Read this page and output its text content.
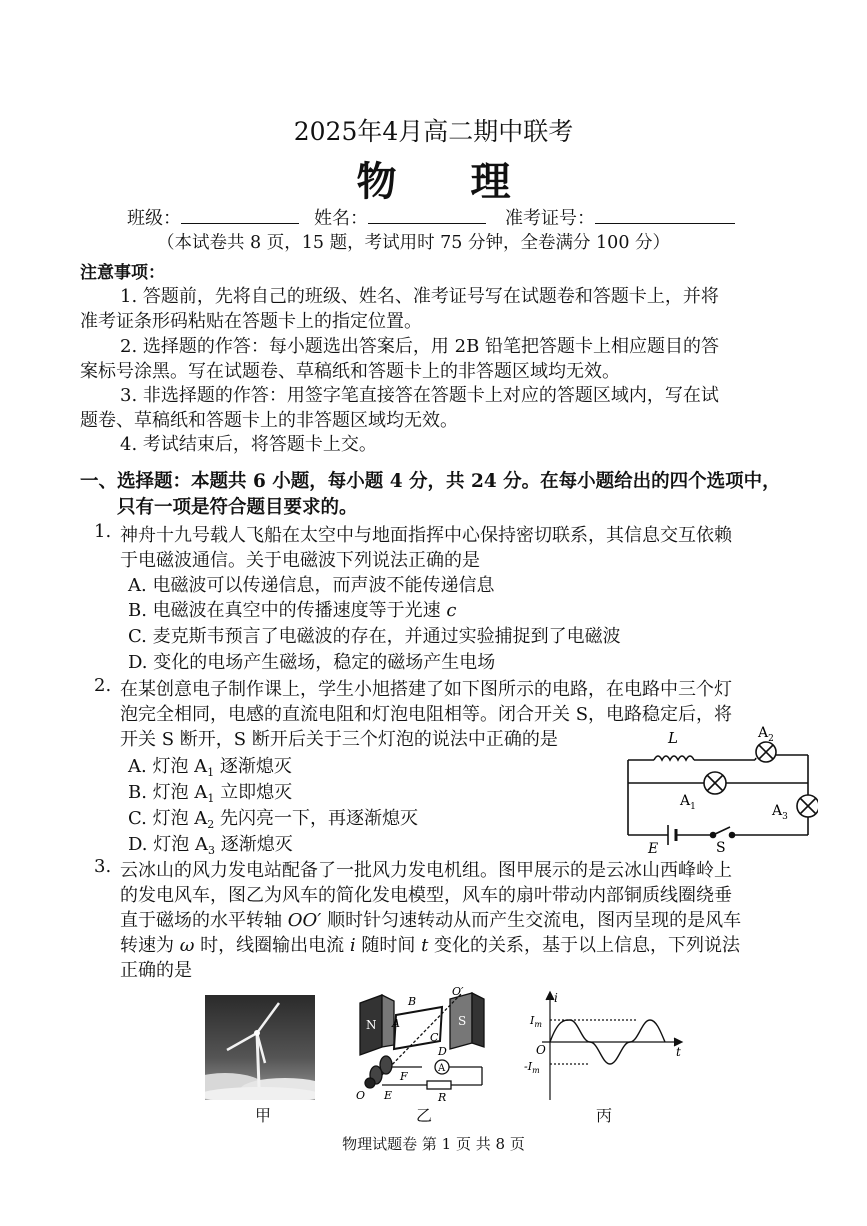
2025年4月高二期中联考
物 理
班级：	姓名：	准考证号：
（本试卷共 8 页，15 题，考试用时 75 分钟，全卷满分 100 分）
注意事项：
1. 答题前，先将自己的班级、姓名、准考证号写在试题卷和答题卡上，并将
准考证条形码粘贴在答题卡上的指定位置。
2. 选择题的作答：每小题选出答案后，用 2B 铅笔把答题卡上相应题目的答
案标号涂黑。写在试题卷、草稿纸和答题卡上的非答题区域均无效。
3. 非选择题的作答：用签字笔直接答在答题卡上对应的答题区域内，写在试
题卷、草稿纸和答题卡上的非答题区域均无效。
4. 考试结束后，将答题卡上交。
一、选择题：本题共 6 小题，每小题 4 分，共 24 分。在每小题给出的四个选项中，
只有一项是符合题目要求的。
1. 神舟十九号载人飞船在太空中与地面指挥中心保持密切联系，其信息交互依赖
于电磁波通信。关于电磁波下列说法正确的是
A. 电磁波可以传递信息，而声波不能传递信息
B. 电磁波在真空中的传播速度等于光速 c
C. 麦克斯韦预言了电磁波的存在，并通过实验捕捉到了电磁波
D. 变化的电场产生磁场，稳定的磁场产生电场
2. 在某创意电子制作课上，学生小旭搭建了如下图所示的电路，在电路中三个灯
泡完全相同，电感的直流电阻和灯泡电阻相等。闭合开关 S，电路稳定后，将
开关 S 断开，S 断开后关于三个灯泡的说法中正确的是
A. 灯泡 $A_1$ 逐渐熄灭
B. 灯泡 $A_1$ 立即熄灭
C. 灯泡 $A_2$ 先闪亮一下，再逐渐熄灭
D. 灯泡 $A_3$ 逐渐熄灭
L	$A_2$
$A_1$	$A_3$
E	S
3. 云冰山的风力发电站配备了一批风力发电机组。图甲展示的是云冰山西峰岭上
的发电风车，图乙为风车的简化发电模型，风车的扇叶带动内部铜质线圈绕垂
直于磁场的水平转轴 OO′ 顺时针匀速转动从而产生交流电，图丙呈现的是风车
转速为 ω 时，线圈输出电流 i 随时间 t 变化的关系，基于以上信息，下列说法
正确的是
甲
N	S
O′
B
A
C
D
F
E
O	R
A
乙
i
t
O
$I_m$
$-I_m$
丙
物理试题卷 第 1 页 共 8 页
